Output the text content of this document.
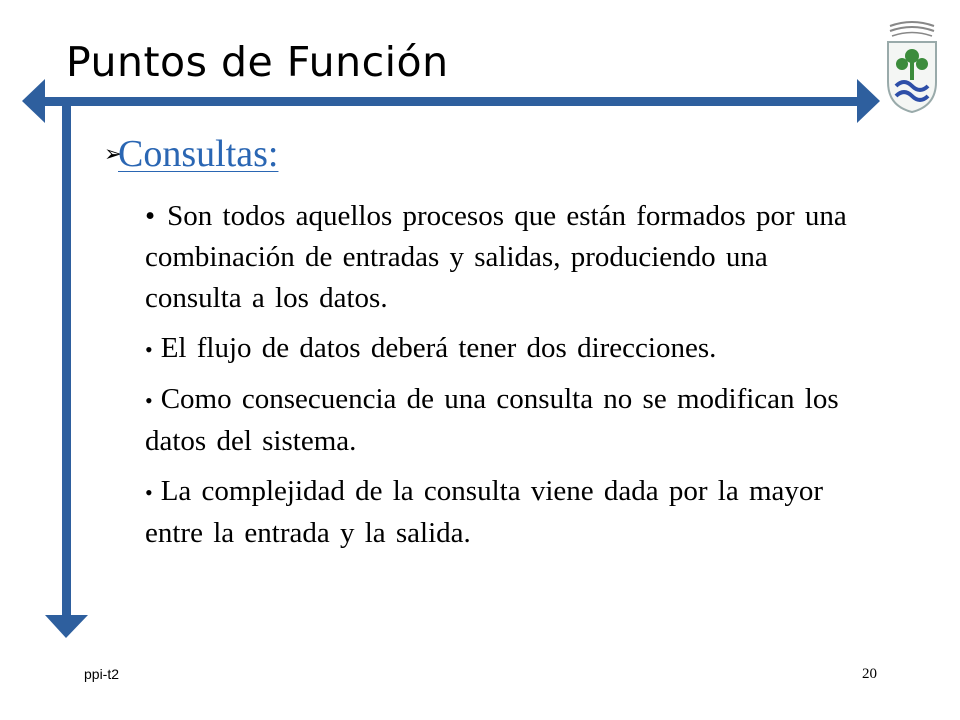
Puntos de Función
➢
Consultas:
• Son todos aquellos procesos que están formados por una combinación de entradas y salidas, produciendo una consulta a los datos.
• El flujo de datos deberá tener dos direcciones.
• Como consecuencia de una consulta no se modifican los datos del sistema.
• La complejidad de la consulta viene dada por la mayor entre la entrada y la salida.
ppi-t2	20
